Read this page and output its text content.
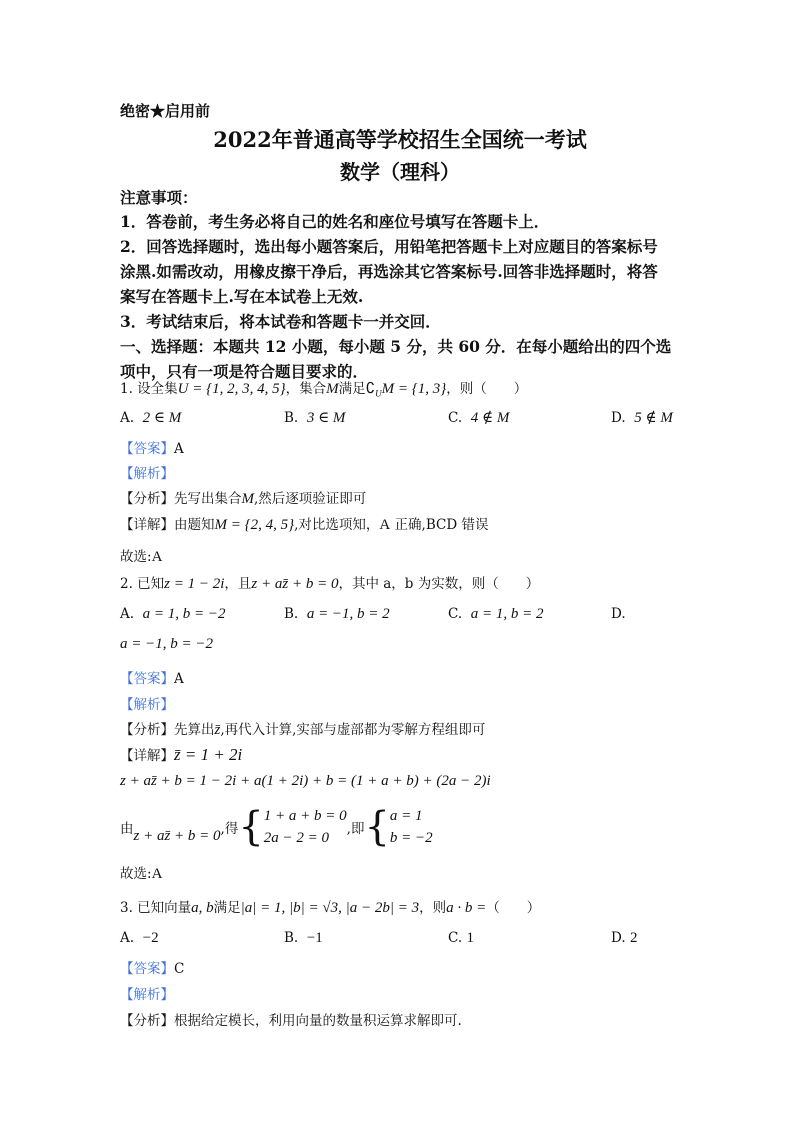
绝密★启用前
2022年普通高等学校招生全国统一考试
数学（理科）
注意事项：
1．答卷前，考生务必将自己的姓名和座位号填写在答题卡上．
2．回答选择题时，选出每小题答案后，用铅笔把答题卡上对应题目的答案标号
涂黑.如需改动，用橡皮擦干净后，再选涂其它答案标号.回答非选择题时，将答
案写在答题卡上.写在本试卷上无效.
3．考试结束后，将本试卷和答题卡一并交回．
一、选择题：本题共 12 小题，每小题 5 分，共 60 分．在每小题给出的四个选
项中，只有一项是符合题目要求的．
1. 设全集U = {1, 2, 3, 4, 5}，集合M满足$∁_UM = \{1$, 3}，则（　　）
A. 2 ∈ M	B. 3 ∈ M	C. 4 ∉ M	D. 5 ∉ M
【答案】A
【解析】
【分析】先写出集合M,然后逐项验证即可
【详解】由题知M = {2, 4, 5},对比选项知，A 正确,BCD 错误
故选:A
2. 已知z = 1 − 2i，且z + az̄ + b = 0，其中 a，b 为实数，则（　　）
A. a = 1, b = −2	B. a = −1, b = 2	C. a = 1, b = 2	D.
a = −1, b = −2
【答案】A
【解析】
【分析】先算出z̄,再代入计算,实部与虚部都为零解方程组即可
【详解】z̄ = 1 + 2i
z + az̄ + b = 1 − 2i + a(1 + 2i) + b = (1 + a + b) + (2a − 2)i
由 z + az̄ + b = 0 ,得 { 1 + a + b = 0
2a − 2 = 0
,即 { a = 1
b = −2
故选:A
3. 已知向量a, b满足|a| = 1, |b| = √3, |a − 2b| = 3，则a · b =（　　）
A. −2	B. −1	C. 1	D. 2
【答案】C
【解析】
【分析】根据给定模长，利用向量的数量积运算求解即可.
